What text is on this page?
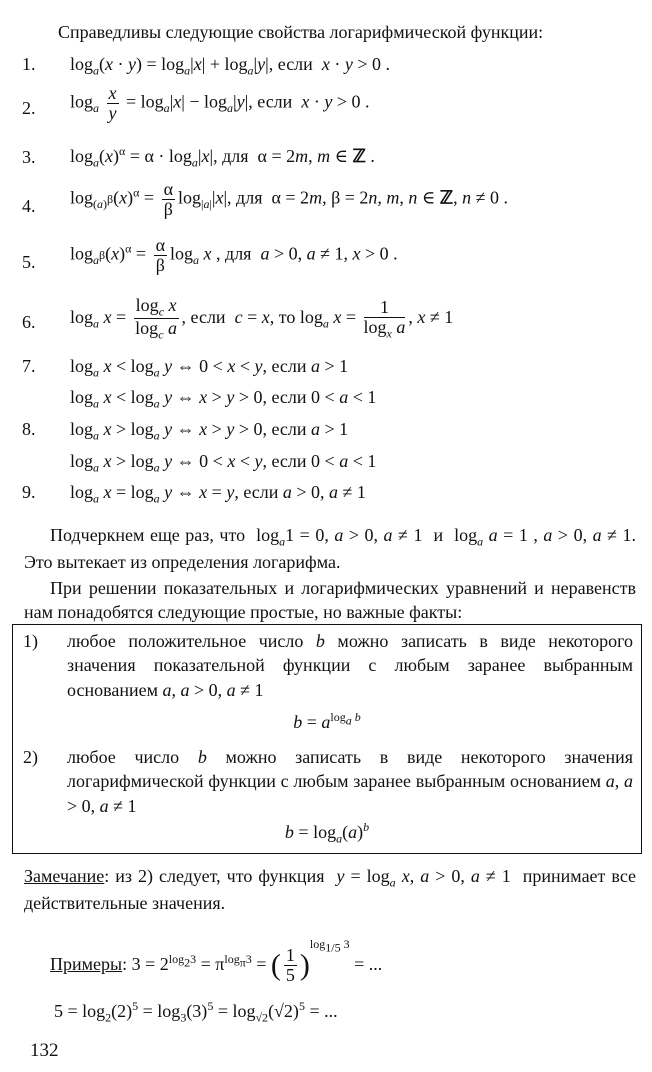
Справедливы следующие свойства логарифмической функции:
1. $\log_a(x \cdot y) = \log_a|x| + \log_a|y|$, если  x · y > 0 .
2. $\log_a \frac{x}{y} = \log_a|x| - \log_a|y|$, если  x · y > 0 .
3. $\log_a(x)^\alpha = \alpha \cdot \log_a|x|$, для  α = 2m, m ∈ ℤ .
4. $\log_{(a)^\beta}(x)^\alpha = \frac{\alpha}{\beta} \log_{|a|}|x|$, для  α = 2m, β = 2n, m, n ∈ ℤ, n ≠ 0 .
5. $\log_{a^\beta}(x)^\alpha = \frac{\alpha}{\beta} \log_a x$ , для  a > 0, a ≠ 1, x > 0 .
6. $\log_a x = \frac{\log_c x}{\log_c a}$ , если  c = x, то $\log_a x = \frac{1}{\log_x a}$ , x ≠ 1
7. $\log_a x < \log_a y$ ⇔ 0 < x < y, если a > 1
$\log_a x < \log_a y$ ⇔ x > y > 0, если 0 < a < 1
8. $\log_a x > \log_a y$ ⇔ x > y > 0, если a > 1
$\log_a x > \log_a y$ ⇔ 0 < x < y, если 0 < a < 1
9. $\log_a x = \log_a y$ ⇔ x = y, если a > 0, a ≠ 1
Подчеркнем еще раз, что  $\log_a1 = 0$, a > 0, a ≠ 1  и  $\log_a a = 1$ , a > 0, a ≠ 1. Это вытекает из определения логарифма.
При решении показательных и логарифмических уравнений и неравенств нам понадобятся следующие простые, но важные факты:
1) любое положительное число b можно записать в виде некоторого значения показательной функции с любым заранее выбранным основанием a, a > 0, a ≠ 1
$b = a^{log_a b}$
2) любое число b можно записать в виде некоторого значения логарифмической функции с любым заранее выбранным основанием a, a > 0, a ≠ 1
$b = \log_a(a)^b$
Замечание: из 2) следует, что функция  $y = \log_a x$, a > 0, a ≠ 1  принимает все действительные значения.
Примеры: $3 = 2^{log_23} = \pi^{log_\pi 3}$ = ( $\frac{1}{5} )^{log_{1/5} 3}$ = ...
$5 = \log_2(2)^5 = \log_3(3)^5 = \log_{√2}(√2)^5$ = ...
132
